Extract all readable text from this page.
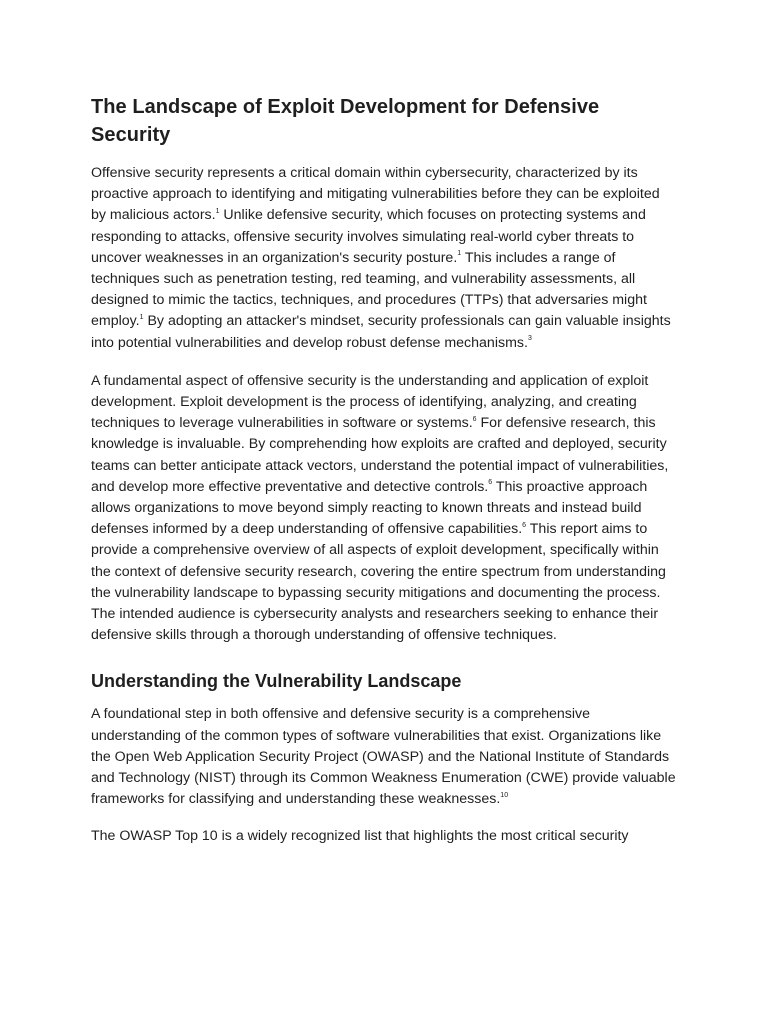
The Landscape of Exploit Development for Defensive Security

Offensive security represents a critical domain within cybersecurity, characterized by its proactive approach to identifying and mitigating vulnerabilities before they can be exploited by malicious actors.$^1$ Unlike defensive security, which focuses on protecting systems and responding to attacks, offensive security involves simulating real-world cyber threats to uncover weaknesses in an organization's security posture.$^1$ This includes a range of techniques such as penetration testing, red teaming, and vulnerability assessments, all designed to mimic the tactics, techniques, and procedures (TTPs) that adversaries might employ.$^1$ By adopting an attacker's mindset, security professionals can gain valuable insights into potential vulnerabilities and develop robust defense mechanisms.$^3$

A fundamental aspect of offensive security is the understanding and application of exploit development. Exploit development is the process of identifying, analyzing, and creating techniques to leverage vulnerabilities in software or systems.$^6$ For defensive research, this knowledge is invaluable. By comprehending how exploits are crafted and deployed, security teams can better anticipate attack vectors, understand the potential impact of vulnerabilities, and develop more effective preventative and detective controls.$^6$ This proactive approach allows organizations to move beyond simply reacting to known threats and instead build defenses informed by a deep understanding of offensive capabilities.$^6$ This report aims to provide a comprehensive overview of all aspects of exploit development, specifically within the context of defensive security research, covering the entire spectrum from understanding the vulnerability landscape to bypassing security mitigations and documenting the process. The intended audience is cybersecurity analysts and researchers seeking to enhance their defensive skills through a thorough understanding of offensive techniques.

Understanding the Vulnerability Landscape

A foundational step in both offensive and defensive security is a comprehensive understanding of the common types of software vulnerabilities that exist. Organizations like the Open Web Application Security Project (OWASP) and the National Institute of Standards and Technology (NIST) through its Common Weakness Enumeration (CWE) provide valuable frameworks for classifying and understanding these weaknesses.$^{10}$

The OWASP Top 10 is a widely recognized list that highlights the most critical security
